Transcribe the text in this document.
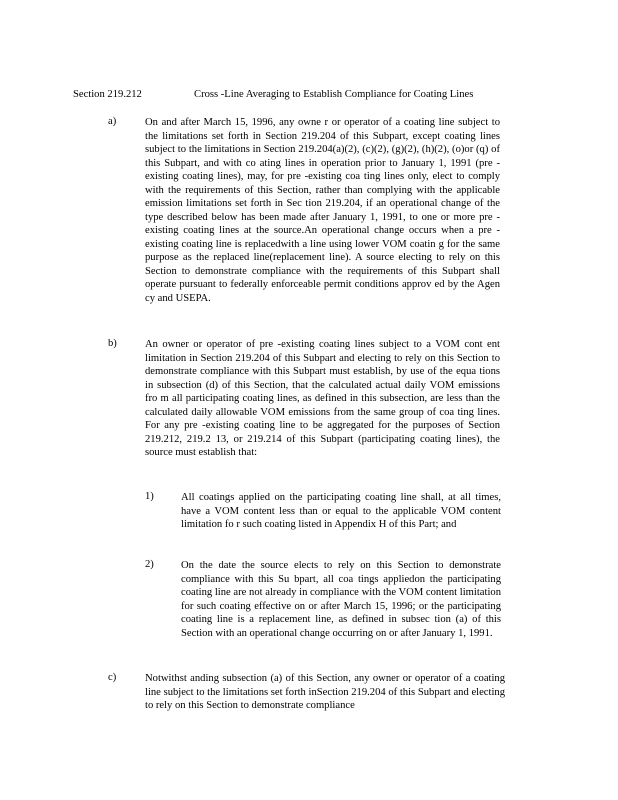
Section 219.212	Cross -Line Averaging to Establish Compliance for Coating Lines
a)	On and after March 15, 1996, any owne r or operator of a coating line subject to the limitations set forth in Section 219.204 of this Subpart, except coating lines subject to the limitations in Section 219.204(a)(2), (c)(2), (g)(2), (h)(2), (o)or (q) of this Subpart, and with co ating lines in operation prior to January 1, 1991 (pre -existing coating lines), may, for pre -existing coa ting lines only, elect to comply with the requirements of this Section, rather than complying with the applicable emission limitations set forth in Sec tion 219.204, if an operational change of the type described below has been made after January 1, 1991, to one or more pre -existing coating lines at the source.An operational change occurs when a pre -existing coating line is replacedwith a line using lower VOM coatin g for the same purpose as the replaced line(replacement line). A source electing to rely on this Section to demonstrate compliance with the requirements of this Subpart shall operate pursuant to federally enforceable permit conditions approv ed by the Agen cy and USEPA.
b)	An owner or operator of pre -existing coating lines subject to a VOM cont ent limitation in Section 219.204 of this Subpart and electing to rely on this Section to demonstrate compliance with this Subpart must establish, by use of the equa tions in subsection (d) of this Section, that the calculated actual daily VOM emissions fro m all participating coating lines, as defined in this subsection, are less than the calculated daily allowable VOM emissions from the same group of coa ting lines. For any pre -existing coating line to be aggregated for the purposes of Section 219.212, 219.2 13, or 219.214 of this Subpart (participating coating lines), the source must establish that:
1)	All coatings applied on the participating coating line shall, at all times, have a VOM content less than or equal to the applicable VOM content limitation fo r such coating listed in Appendix H of this Part; and
2)	On the date the source elects to rely on this Section to demonstrate compliance with this Su bpart, all coa tings appliedon the participating coating line are not already in compliance with the VOM content limitation for such coating effective on or after March 15, 1996; or the participating coating line is a replacement line, as defined in subsec tion (a) of this Section with an operational change occurring on or after January 1, 1991.
c)	Notwithst anding subsection (a) of this Section, any owner or operator of a coating line subject to the limitations set forth inSection 219.204 of this Subpart and electing to rely on this Section to demonstrate compliance
